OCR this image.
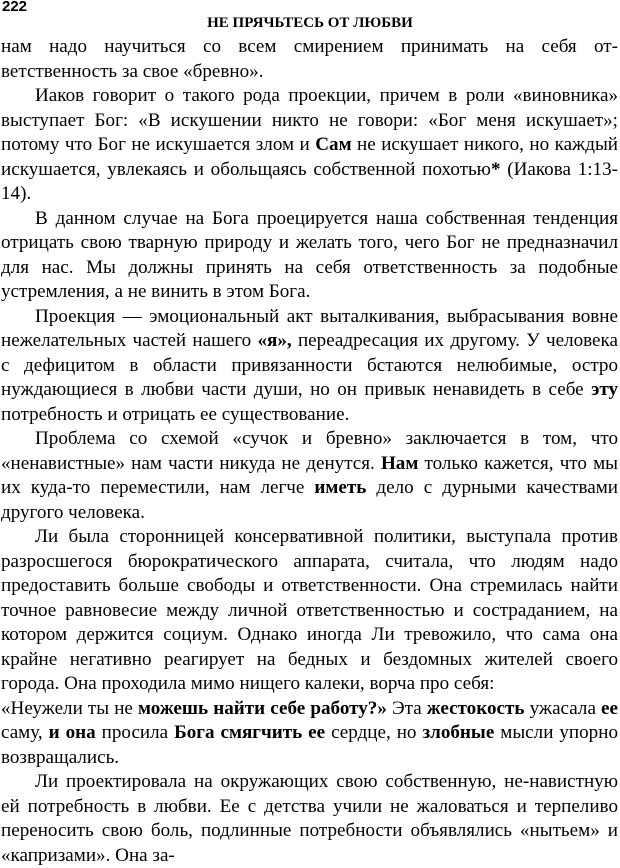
222
НЕ ПРЯЧЬТЕСЬ ОТ ЛЮБВИ

нам надо научиться со всем смирением принимать на себя от-ветственность за свое «бревно».

Иаков говорит о такого рода проекции, причем в роли «виновника» выступает Бог: «В искушении никто не говори: «Бог меня искушает»; потому что Бог не искушается злом и Сам не искушает никого, но каждый искушается, увлекаясь и обольщаясь собственной похотью* (Иакова 1:13-14).

В данном случае на Бога проецируется наша собственная тенденция отрицать свою тварную природу и желать того, чего Бог не предназначил для нас. Мы должны принять на себя ответственность за подобные устремления, а не винить в этом Бога.

Проекция — эмоциональный акт выталкивания, выбрасывания вовне нежелательных частей нашего «я», переадресация их другому. У человека с дефицитом в области привязанности бстаются нелюбимые, остро нуждающиеся в любви части души, но он привык ненавидеть в себе эту потребность и отрицать ее существование.

Проблема со схемой «сучок и бревно» заключается в том, что «ненавистные» нам части никуда не денутся. Нам только кажется, что мы их куда-то переместили, нам легче иметь дело с дурными качествами другого человека.

Ли была сторонницей консервативной политики, выступала против разросшегося бюрократического аппарата, считала, что людям надо предоставить больше свободы и ответственности. Она стремилась найти точное равновесие между личной ответственностью и состраданием, на котором держится социум. Однако иногда Ли тревожило, что сама она крайне негативно реагирует на бедных и бездомных жителей своего города. Она проходила мимо нищего калеки, ворча про себя:

«Неужели ты не можешь найти себе работу?» Эта жестокость ужасала ее саму, и она просила Бога смягчить ее сердце, но злобные мысли упорно возвращались.

Ли проектировала на окружающих свою собственную, не-навистную ей потребность в любви. Ее с детства учили не жаловаться и терпеливо переносить свою боль, подлинные потребности объявлялись «нытьем» и «капризами». Она за-
